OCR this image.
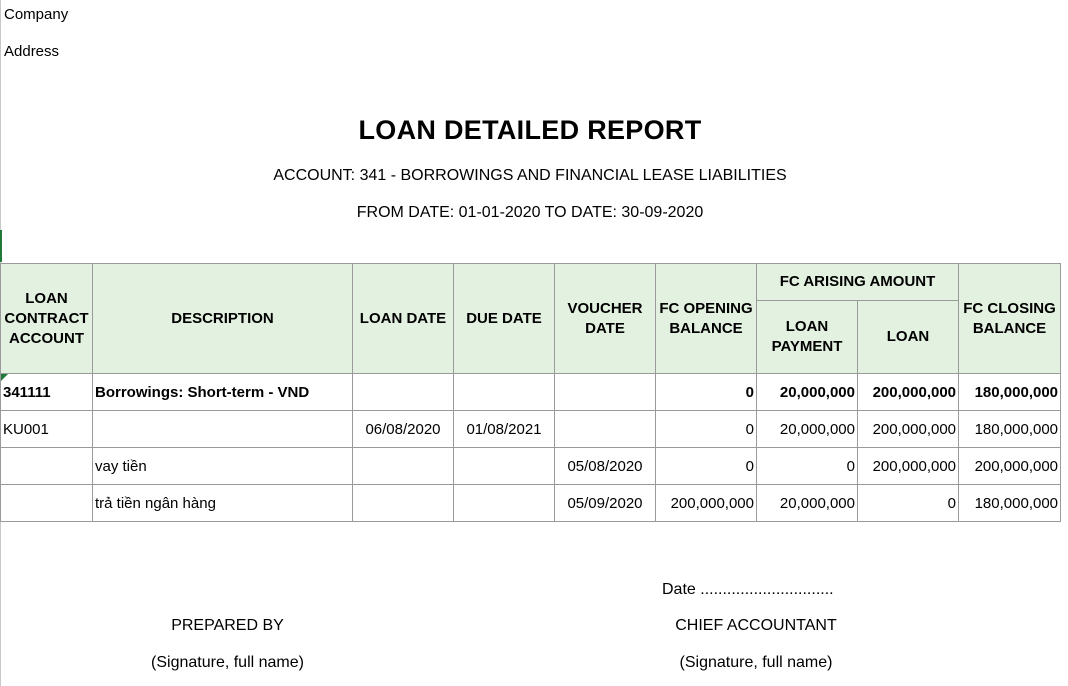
Company
Address
LOAN DETAILED REPORT
ACCOUNT: 341 - BORROWINGS AND FINANCIAL LEASE LIABILITIES
FROM DATE: 01-01-2020 TO DATE: 30-09-2020
LOAN CONTRACT ACCOUNT	DESCRIPTION	LOAN DATE	DUE DATE	VOUCHER DATE	FC OPENING BALANCE	FC ARISING AMOUNT		FC CLOSING BALANCE
						LOAN PAYMENT	LOAN	
341111	Borrowings: Short-term - VND				0	20,000,000	200,000,000	180,000,000
KU001		06/08/2020	01/08/2021		0	20,000,000	200,000,000	180,000,000
	vay tiền			05/08/2020	0	0	200,000,000	200,000,000
	trả tiền ngân hàng			05/09/2020	200,000,000	20,000,000	0	180,000,000
Date ..............................
PREPARED BY
(Signature, full name)
CHIEF ACCOUNTANT
(Signature, full name)
